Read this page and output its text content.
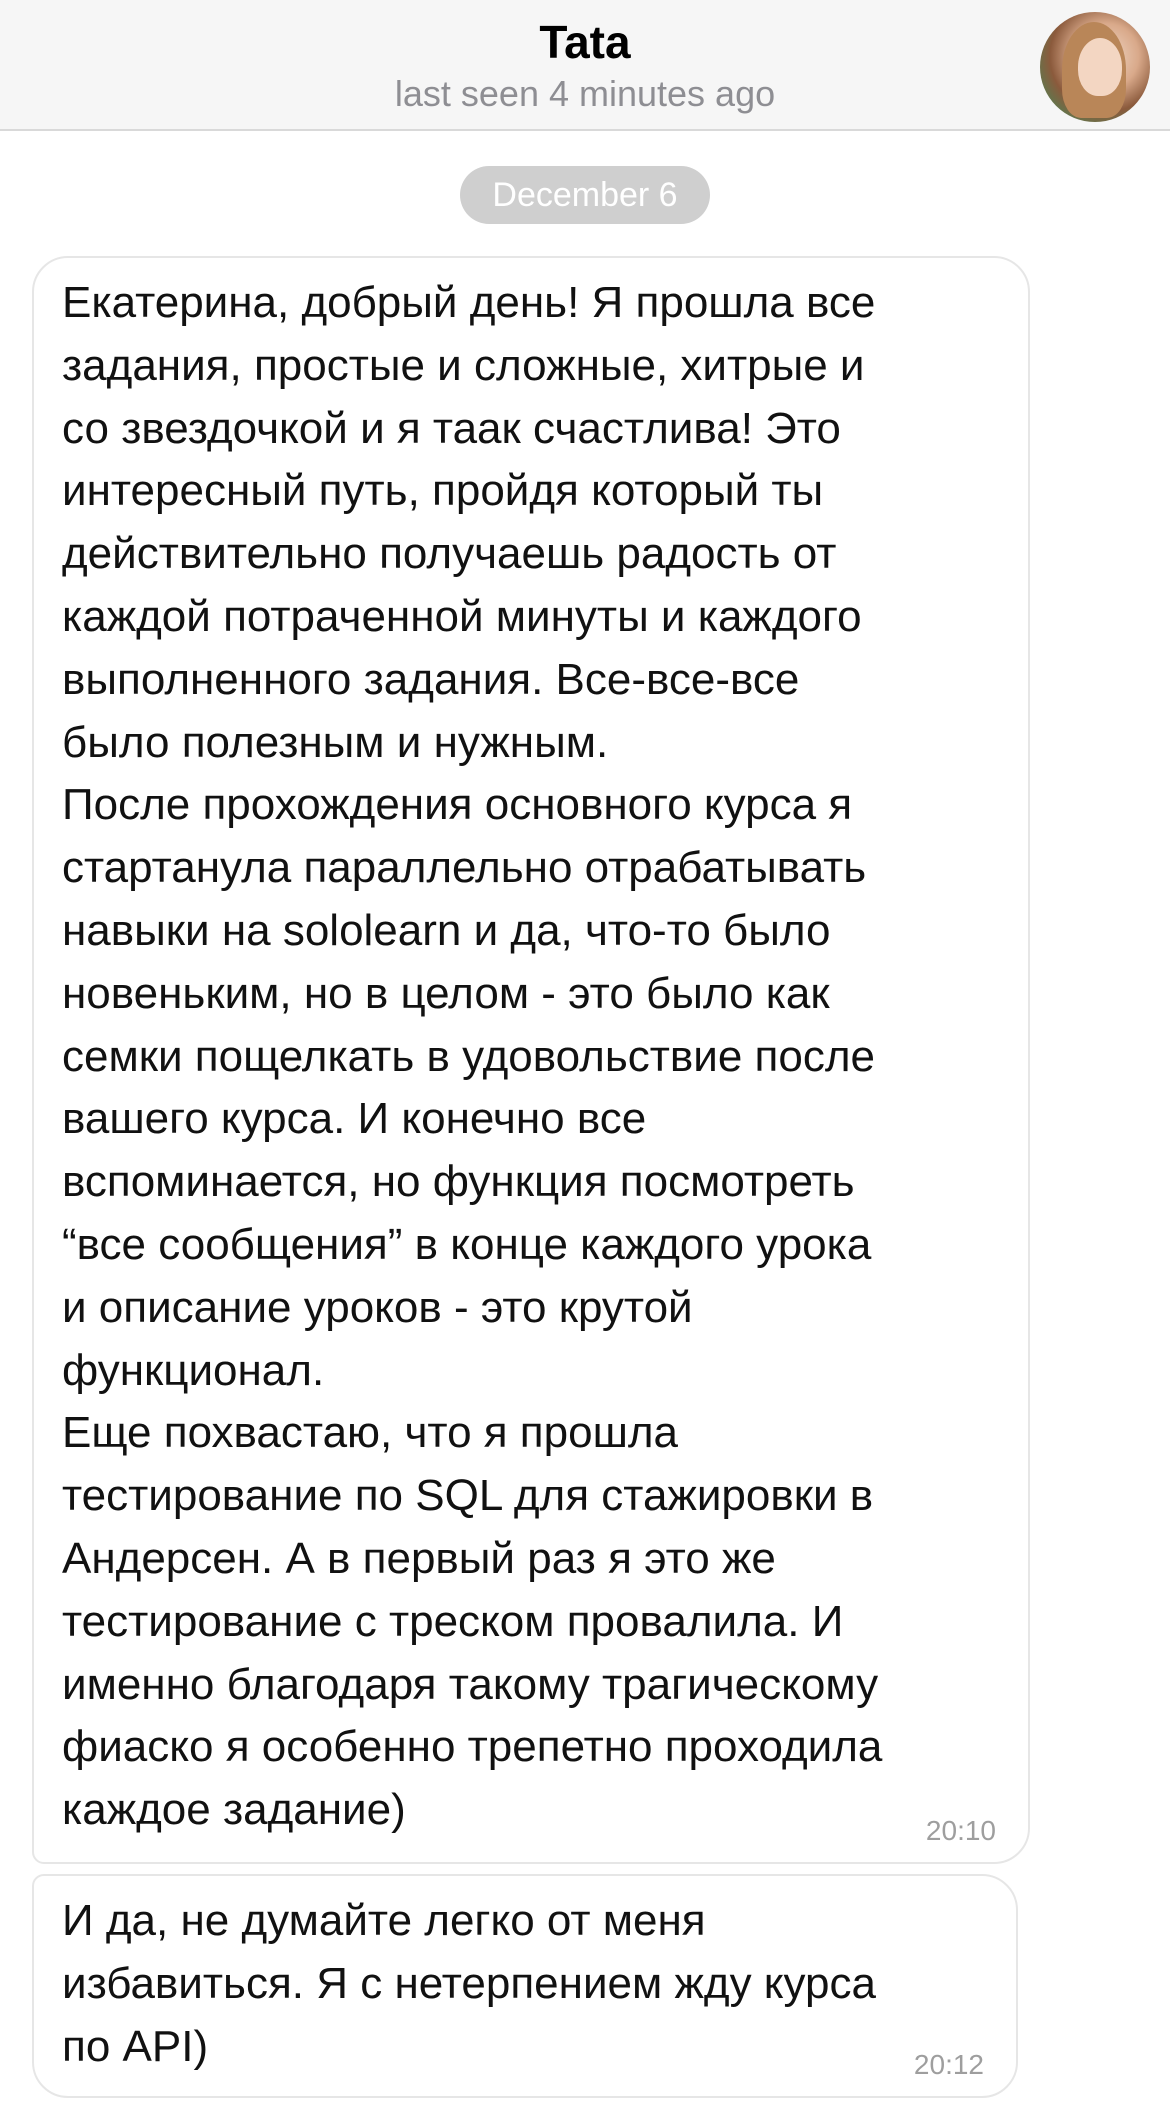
Tata
last seen 4 minutes ago
December 6
Екатерина, добрый день! Я прошла все
задания, простые и сложные, хитрые и
со звездочкой и я таак счастлива! Это
интересный путь, пройдя который ты
действительно получаешь радость от
каждой потраченной минуты и каждого
выполненного задания. Все-все-все
было полезным и нужным.
После прохождения основного курса я
стартанула параллельно отрабатывать
навыки на sololearn и да, что-то было
новеньким, но в целом - это было как
семки пощелкать в удовольствие после
вашего курса. И конечно все
вспоминается, но функция посмотреть
“все сообщения” в конце каждого урока
и описание уроков - это крутой
функционал.
Еще похвастаю, что я прошла
тестирование по SQL для стажировки в
Андерсен. А в первый раз я это же
тестирование с треском провалила. И
именно благодаря такому трагическому
фиаско я особенно трепетно проходила
каждое задание)	20:10
И да, не думайте легко от меня
избавиться. Я с нетерпением жду курса
по API)	20:12
